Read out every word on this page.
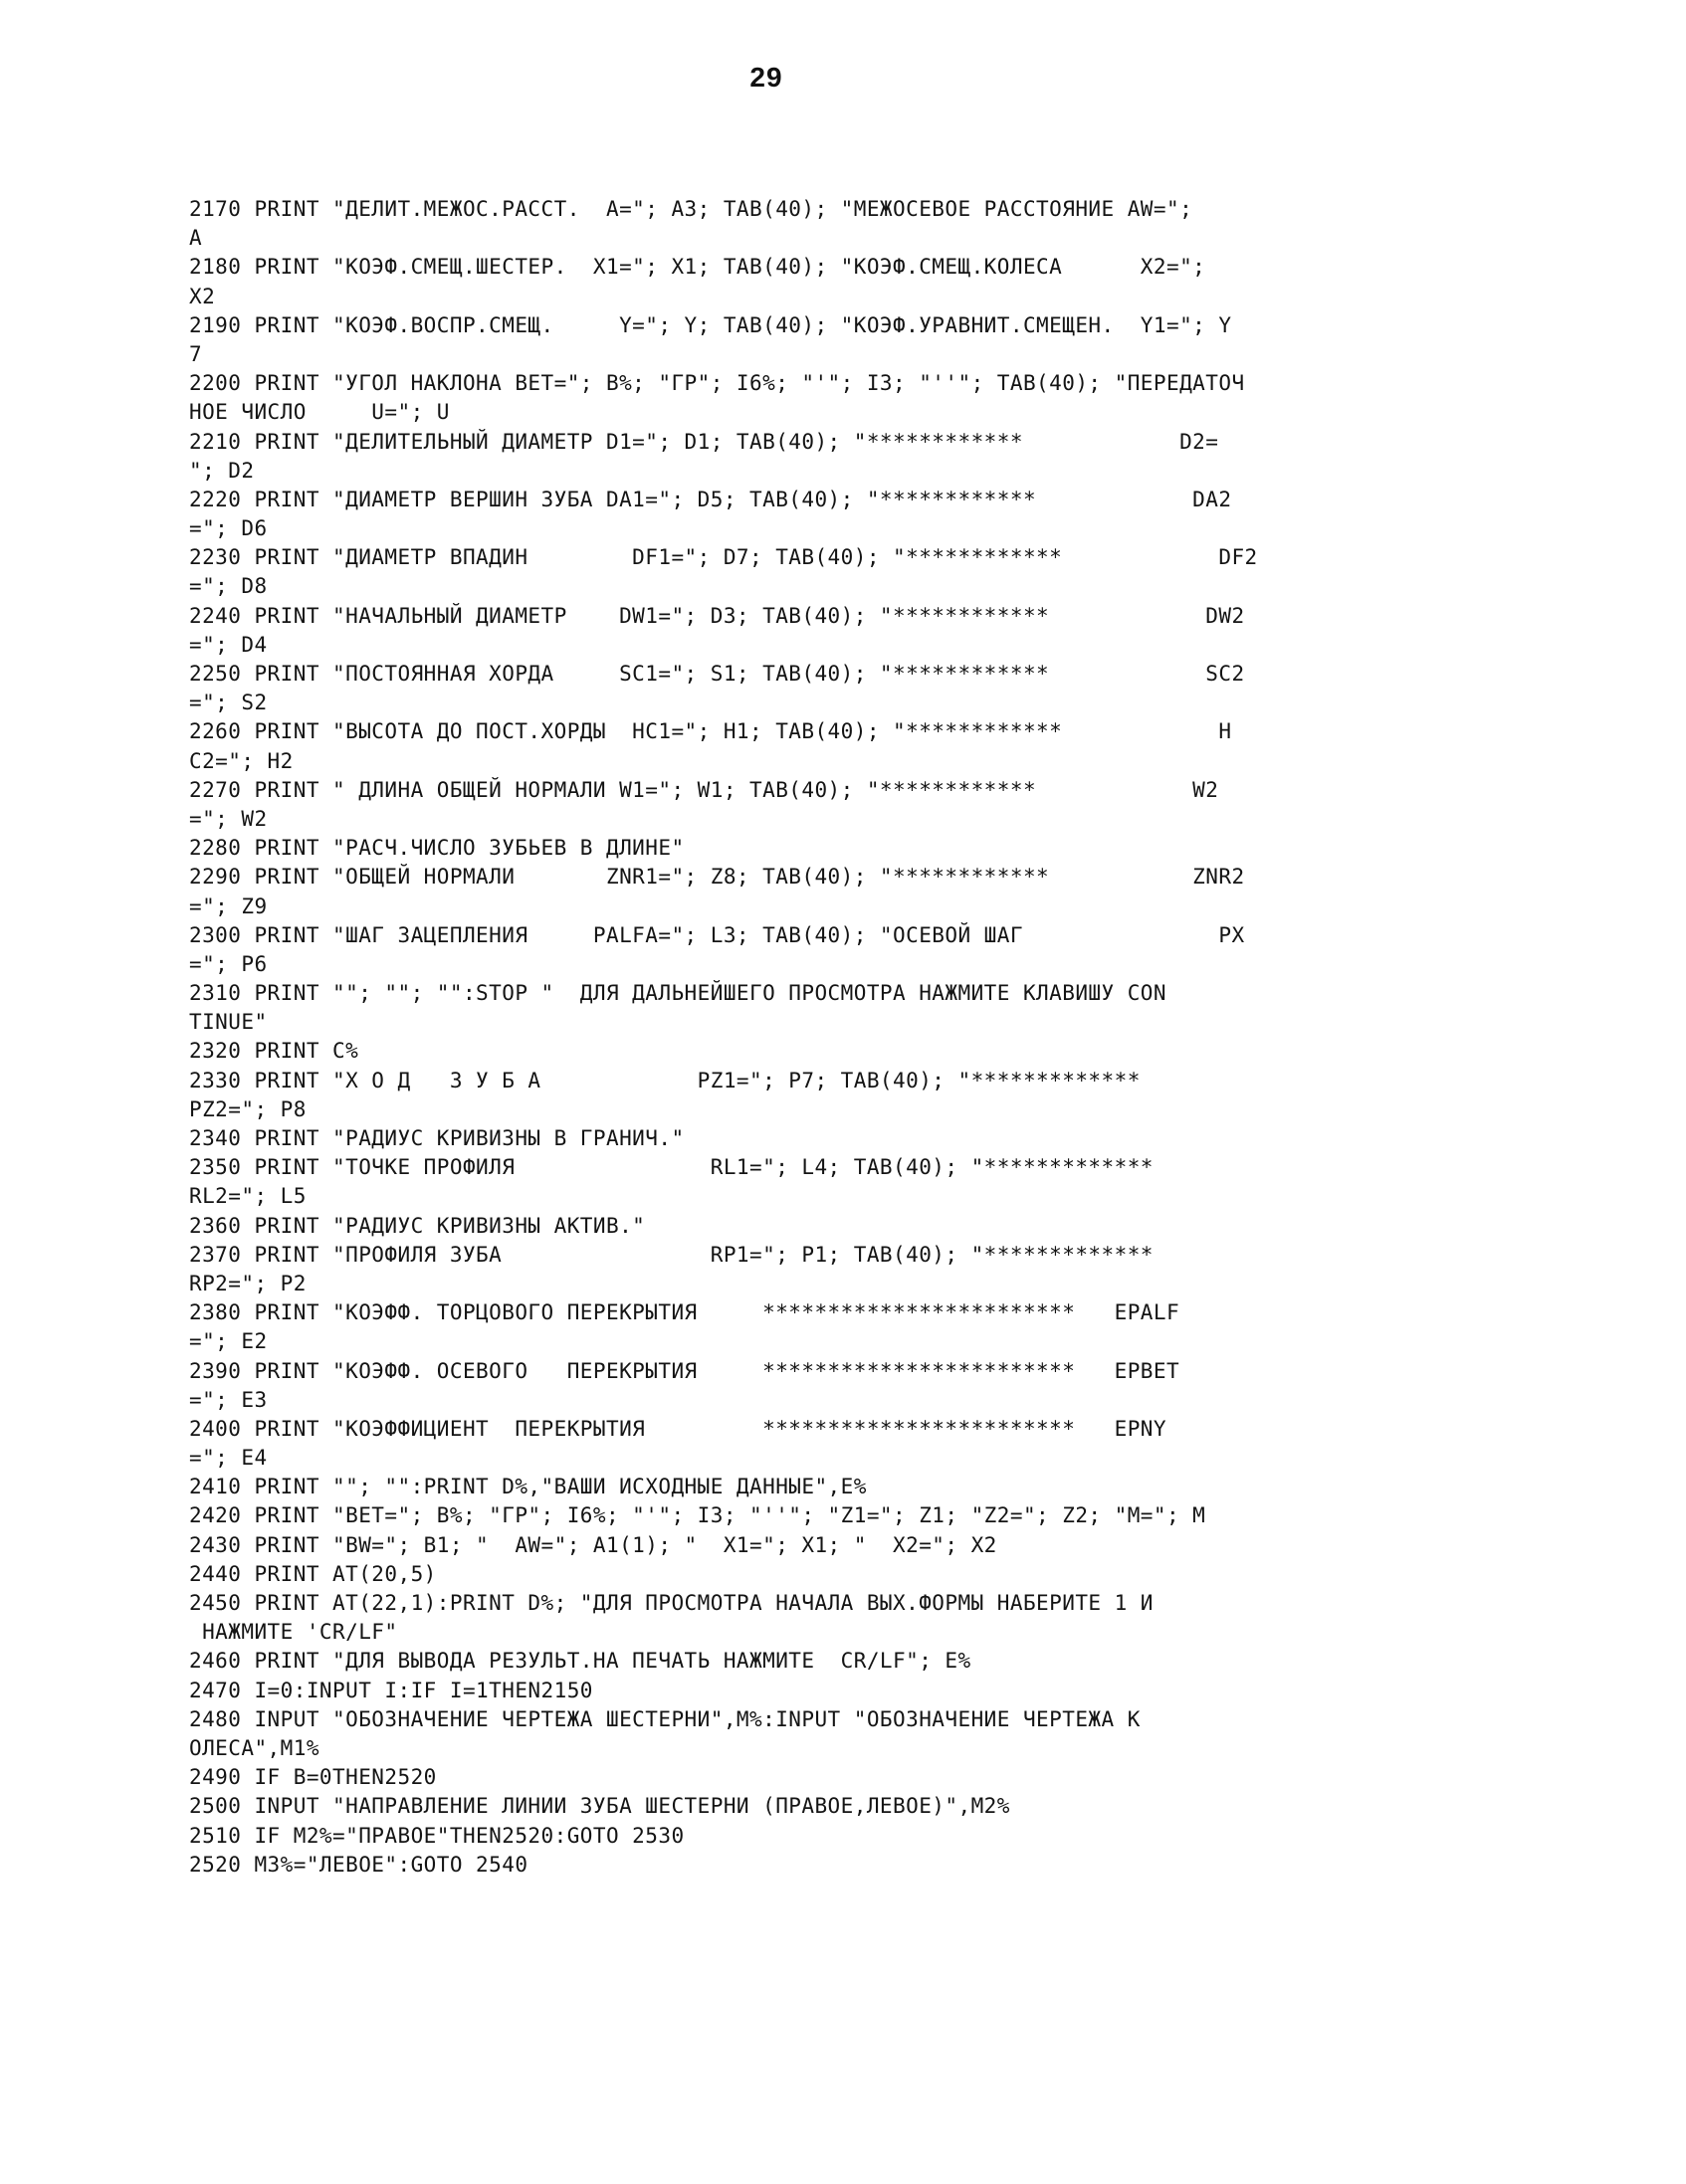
29
2170 PRINT "ДЕЛИТ.МЕЖОС.РАССТ.  A="; A3; TAB(40); "МЕЖОСЕВОЕ РАССТОЯНИЕ AW=";
A
2180 PRINT "КОЭФ.СМЕЩ.ШЕСТЕР.  X1="; X1; TAB(40); "КОЭФ.СМЕЩ.КОЛЕСА      X2=";
X2
2190 PRINT "КОЭФ.ВОСПР.СМЕЩ.     Y="; Y; TAB(40); "КОЭФ.УРАВНИТ.СМЕЩЕН.  Y1="; Y
7
2200 PRINT "УГОЛ НАКЛОНА ВЕТ="; B%; "ГР"; I6%; "'"; I3; "''"; TAB(40); "ПЕРЕДАТОЧ
НОЕ ЧИСЛО     U="; U
2210 PRINT "ДЕЛИТЕЛЬНЫЙ ДИАМЕТР D1="; D1; TAB(40); "************            D2=
"; D2
2220 PRINT "ДИАМЕТР ВЕРШИН ЗУБА DA1="; D5; TAB(40); "************            DA2
="; D6
2230 PRINT "ДИАМЕТР ВПАДИН        DF1="; D7; TAB(40); "************            DF2
="; D8
2240 PRINT "НАЧАЛЬНЫЙ ДИАМЕТР    DW1="; D3; TAB(40); "************            DW2
="; D4
2250 PRINT "ПОСТОЯННАЯ ХОРДА     SC1="; S1; TAB(40); "************            SC2
="; S2
2260 PRINT "ВЫСОТА ДО ПОСТ.ХОРДЫ  HC1="; H1; TAB(40); "************            H
C2="; H2
2270 PRINT " ДЛИНА ОБЩЕЙ НОРМАЛИ W1="; W1; TAB(40); "************            W2
="; W2
2280 PRINT "РАСЧ.ЧИСЛО ЗУБЬЕВ В ДЛИНЕ"
2290 PRINT "ОБЩЕЙ НОРМАЛИ       ZNR1="; Z8; TAB(40); "************           ZNR2
="; Z9
2300 PRINT "ШАГ ЗАЦЕПЛЕНИЯ     PALFA="; L3; TAB(40); "ОСЕВОЙ ШАГ               PX
="; P6
2310 PRINT ""; ""; "":STOP "  ДЛЯ ДАЛЬНЕЙШЕГО ПРОСМОТРА НАЖМИТЕ КЛАВИШУ CON
TINUE"
2320 PRINT C%
2330 PRINT "Х О Д   З У Б А            PZ1="; P7; TAB(40); "*************
PZ2="; P8
2340 PRINT "РАДИУС КРИВИЗНЫ В ГРАНИЧ."
2350 PRINT "ТОЧКЕ ПРОФИЛЯ               RL1="; L4; TAB(40); "*************
RL2="; L5
2360 PRINT "РАДИУС КРИВИЗНЫ АКТИВ."
2370 PRINT "ПРОФИЛЯ ЗУБА                RP1="; P1; TAB(40); "*************
RP2="; P2
2380 PRINT "КОЭФФ. ТОРЦОВОГО ПЕРЕКРЫТИЯ     ************************   EPALF
="; E2
2390 PRINT "КОЭФФ. ОСЕВОГО   ПЕРЕКРЫТИЯ     ************************   EPBET
="; E3
2400 PRINT "КОЭФФИЦИЕНТ  ПЕРЕКРЫТИЯ         ************************   EPNY
="; E4
2410 PRINT ""; "":PRINT D%,"ВАШИ ИСХОДНЫЕ ДАННЫЕ",E%
2420 PRINT "ВЕТ="; B%; "ГР"; I6%; "'"; I3; "''"; "Z1="; Z1; "Z2="; Z2; "M="; M
2430 PRINT "BW="; B1; "  AW="; A1(1); "  X1="; X1; "  X2="; X2
2440 PRINT AT(20,5)
2450 PRINT AT(22,1):PRINT D%; "ДЛЯ ПРОСМОТРА НАЧАЛА ВЫХ.ФОРМЫ НАБЕРИТЕ 1 И
НАЖМИТЕ 'CR/LF"
2460 PRINT "ДЛЯ ВЫВОДА РЕЗУЛЬТ.НА ПЕЧАТЬ НАЖМИТЕ  CR/LF"; E%
2470 I=0:INPUT I:IF I=1THEN2150
2480 INPUT "ОБОЗНАЧЕНИЕ ЧЕРТЕЖА ШЕСТЕРНИ",M%:INPUT "ОБОЗНАЧЕНИЕ ЧЕРТЕЖА К
ОЛЕСА",M1%
2490 IF B=0THEN2520
2500 INPUT "НАПРАВЛЕНИЕ ЛИНИИ ЗУБА ШЕСТЕРНИ (ПРАВОЕ,ЛЕВОЕ)",M2%
2510 IF M2%="ПРАВОЕ"THEN2520:GOTO 2530
2520 M3%="ЛЕВОЕ":GOTO 2540
